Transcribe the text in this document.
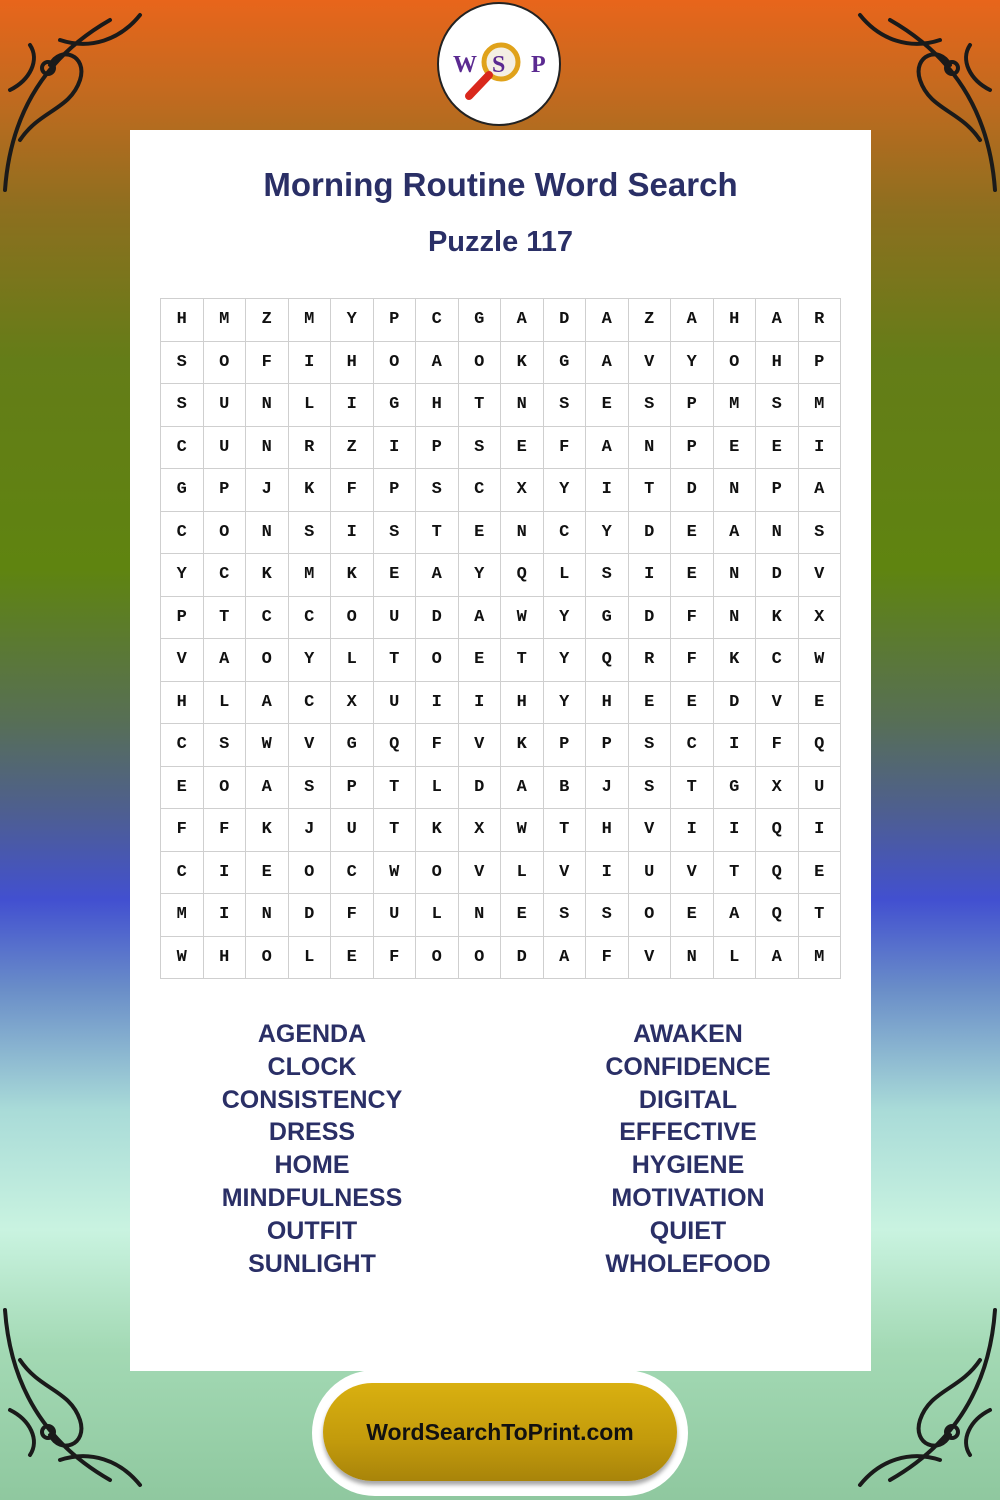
Morning Routine Word Search
Puzzle 117
H	M	Z	M	Y	P	C	G	A	D	A	Z	A	H	A	R
S	O	F	I	H	O	A	O	K	G	A	V	Y	O	H	P
S	U	N	L	I	G	H	T	N	S	E	S	P	M	S	M
C	U	N	R	Z	I	P	S	E	F	A	N	P	E	E	I
G	P	J	K	F	P	S	C	X	Y	I	T	D	N	P	A
C	O	N	S	I	S	T	E	N	C	Y	D	E	A	N	S
Y	C	K	M	K	E	A	Y	Q	L	S	I	E	N	D	V
P	T	C	C	O	U	D	A	W	Y	G	D	F	N	K	X
V	A	O	Y	L	T	O	E	T	Y	Q	R	F	K	C	W
H	L	A	C	X	U	I	I	H	Y	H	E	E	D	V	E
C	S	W	V	G	Q	F	V	K	P	P	S	C	I	F	Q
E	O	A	S	P	T	L	D	A	B	J	S	T	G	X	U
F	F	K	J	U	T	K	X	W	T	H	V	I	I	Q	I
C	I	E	O	C	W	O	V	L	V	I	U	V	T	Q	E
M	I	N	D	F	U	L	N	E	S	S	O	E	A	Q	T
W	H	O	L	E	F	O	O	D	A	F	V	N	L	A	M
AGENDA
CLOCK
CONSISTENCY
DRESS
HOME
MINDFULNESS
OUTFIT
SUNLIGHT
AWAKEN
CONFIDENCE
DIGITAL
EFFECTIVE
HYGIENE
MOTIVATION
QUIET
WHOLEFOOD
W S P
WordSearchToPrint.com
